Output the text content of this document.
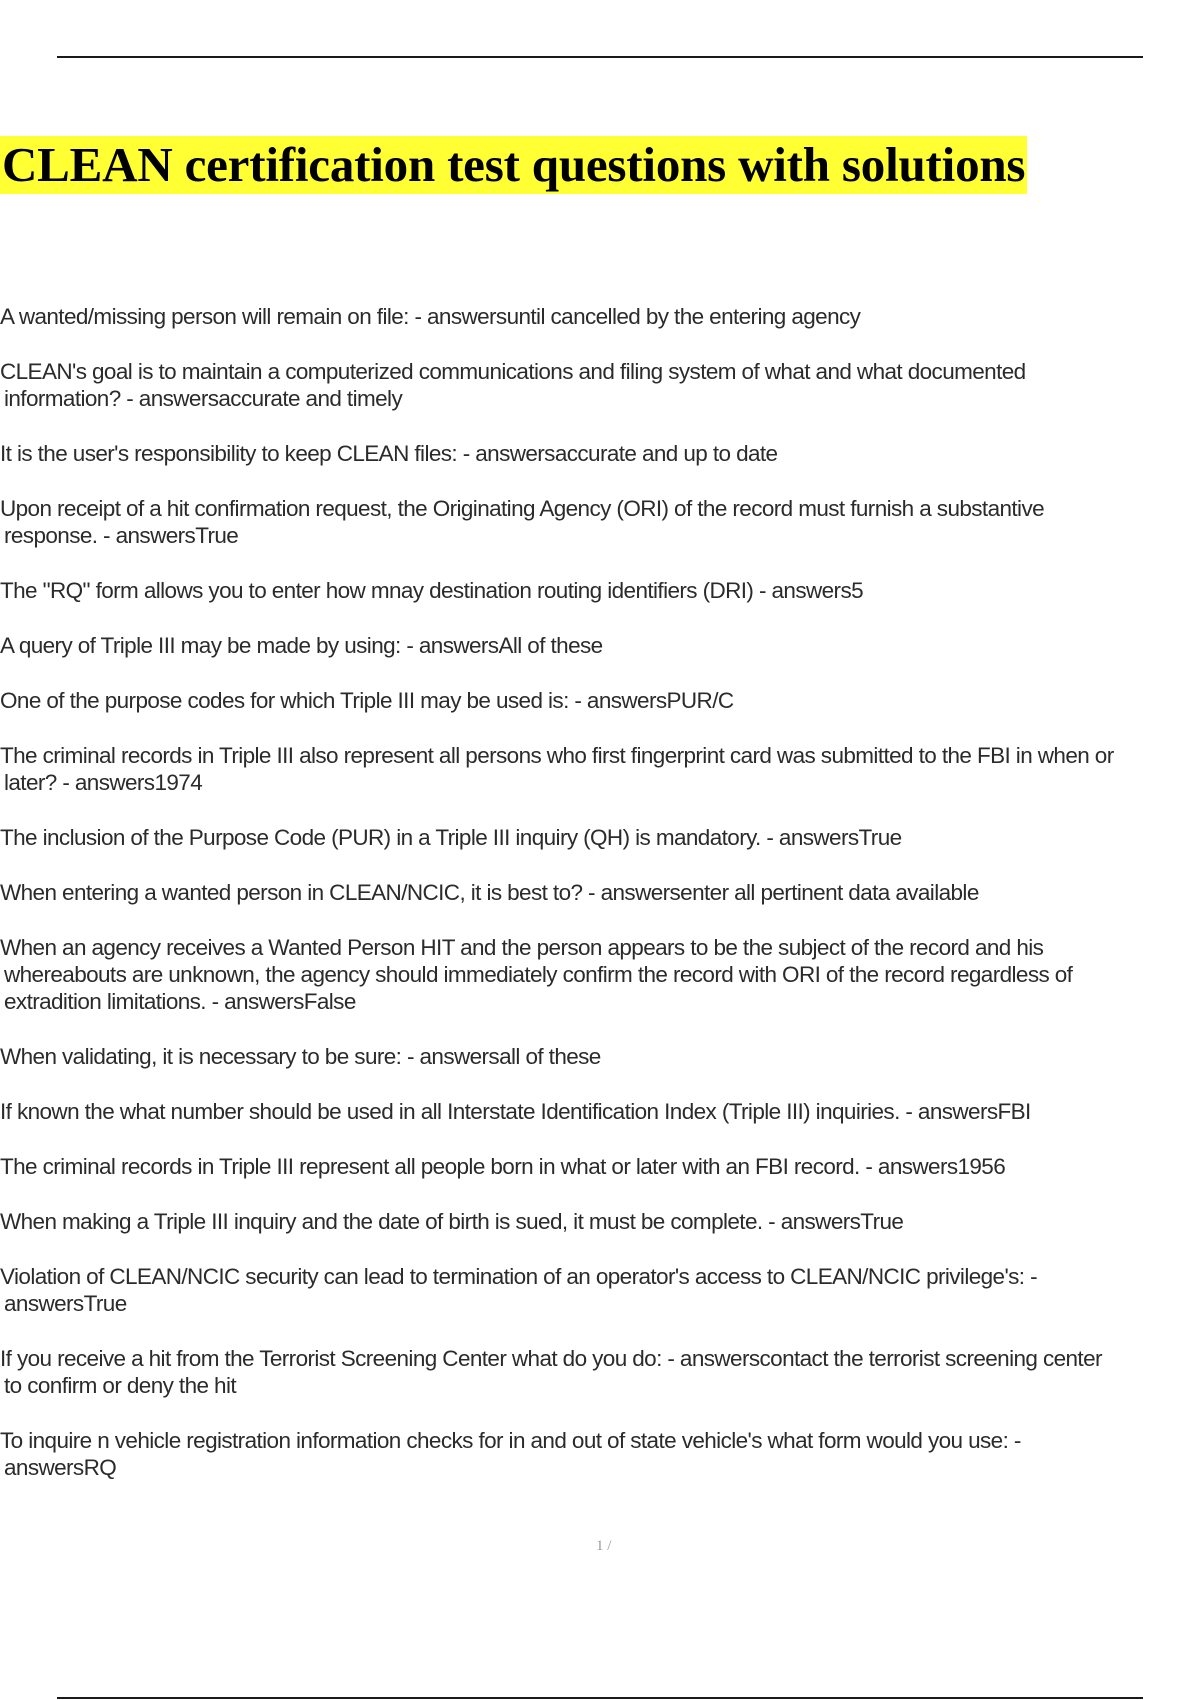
CLEAN certification test questions with solutions

A wanted/missing person will remain on file: - answersuntil cancelled by the entering agency

CLEAN's goal is to maintain a computerized communications and filing system of what and what documented
information? - answersaccurate and timely

It is the user's responsibility to keep CLEAN files: - answersaccurate and up to date

Upon receipt of a hit confirmation request, the Originating Agency (ORI) of the record must furnish a substantive
response. - answersTrue

The "RQ" form allows you to enter how mnay destination routing identifiers (DRI) - answers5

A query of Triple III may be made by using: - answersAll of these

One of the purpose codes for which Triple III may be used is: - answersPUR/C

The criminal records in Triple III also represent all persons who first fingerprint card was submitted to the FBI in when or
later? - answers1974

The inclusion of the Purpose Code (PUR) in a Triple III inquiry (QH) is mandatory. - answersTrue

When entering a wanted person in CLEAN/NCIC, it is best to? - answersenter all pertinent data available

When an agency receives a Wanted Person HIT and the person appears to be the subject of the record and his
whereabouts are unknown, the agency should immediately confirm the record with ORI of the record regardless of
extradition limitations. - answersFalse

When validating, it is necessary to be sure: - answersall of these

If known the what number should be used in all Interstate Identification Index (Triple III) inquiries. - answersFBI

The criminal records in Triple III represent all people born in what or later with an FBI record. - answers1956

When making a Triple III inquiry and the date of birth is sued, it must be complete. - answersTrue

Violation of CLEAN/NCIC security can lead to termination of an operator's access to CLEAN/NCIC privilege's: -
answersTrue

If you receive a hit from the Terrorist Screening Center what do you do: - answerscontact the terrorist screening center
to confirm or deny the hit

To inquire n vehicle registration information checks for in and out of state vehicle's what form would you use: -
answersRQ

1 /
